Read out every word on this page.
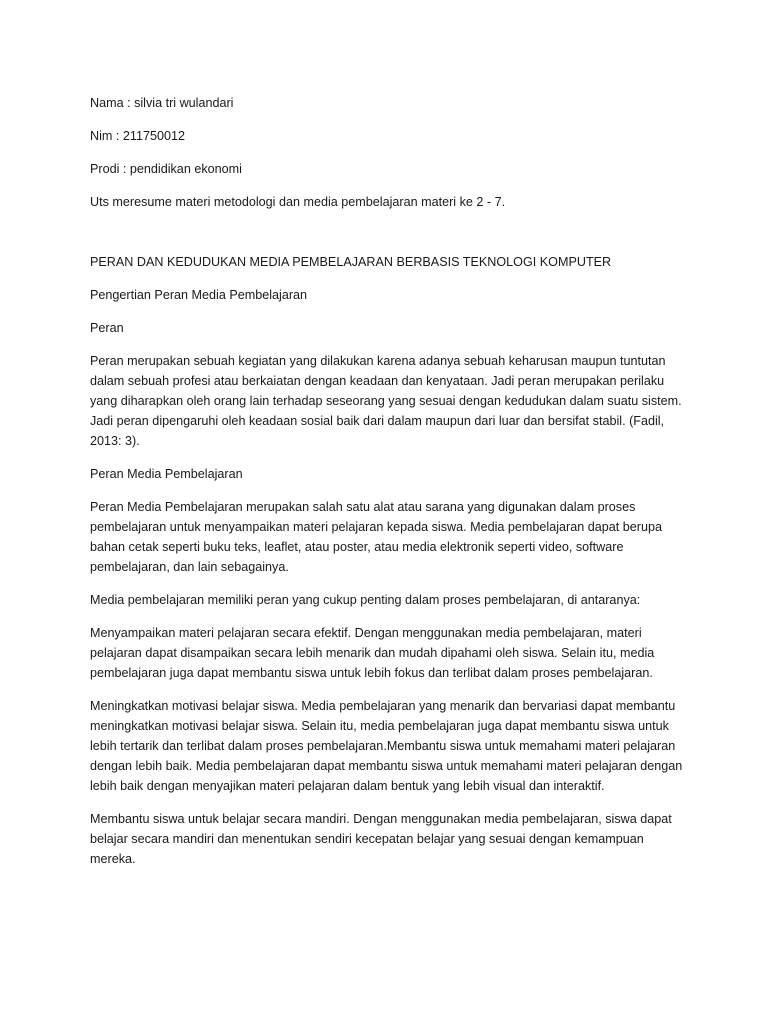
Nama : silvia tri wulandari

Nim : 211750012

Prodi : pendidikan ekonomi

Uts meresume materi metodologi dan media pembelajaran materi ke 2 - 7.

PERAN DAN KEDUDUKAN MEDIA PEMBELAJARAN BERBASIS TEKNOLOGI KOMPUTER

Pengertian Peran Media Pembelajaran

Peran

Peran merupakan sebuah kegiatan yang dilakukan karena adanya sebuah keharusan maupun tuntutan dalam sebuah profesi atau berkaiatan dengan keadaan dan kenyataan. Jadi peran merupakan perilaku yang diharapkan oleh orang lain terhadap seseorang yang sesuai dengan kedudukan dalam suatu sistem. Jadi peran dipengaruhi oleh keadaan sosial baik dari dalam maupun dari luar dan bersifat stabil. (Fadil, 2013: 3).

Peran Media Pembelajaran

Peran Media Pembelajaran merupakan salah satu alat atau sarana yang digunakan dalam proses pembelajaran untuk menyampaikan materi pelajaran kepada siswa. Media pembelajaran dapat berupa bahan cetak seperti buku teks, leaflet, atau poster, atau media elektronik seperti video, software pembelajaran, dan lain sebagainya.

Media pembelajaran memiliki peran yang cukup penting dalam proses pembelajaran, di antaranya:

Menyampaikan materi pelajaran secara efektif. Dengan menggunakan media pembelajaran, materi pelajaran dapat disampaikan secara lebih menarik dan mudah dipahami oleh siswa. Selain itu, media pembelajaran juga dapat membantu siswa untuk lebih fokus dan terlibat dalam proses pembelajaran.

Meningkatkan motivasi belajar siswa. Media pembelajaran yang menarik dan bervariasi dapat membantu meningkatkan motivasi belajar siswa. Selain itu, media pembelajaran juga dapat membantu siswa untuk lebih tertarik dan terlibat dalam proses pembelajaran.Membantu siswa untuk memahami materi pelajaran dengan lebih baik. Media pembelajaran dapat membantu siswa untuk memahami materi pelajaran dengan lebih baik dengan menyajikan materi pelajaran dalam bentuk yang lebih visual dan interaktif.

Membantu siswa untuk belajar secara mandiri. Dengan menggunakan media pembelajaran, siswa dapat belajar secara mandiri dan menentukan sendiri kecepatan belajar yang sesuai dengan kemampuan mereka.
